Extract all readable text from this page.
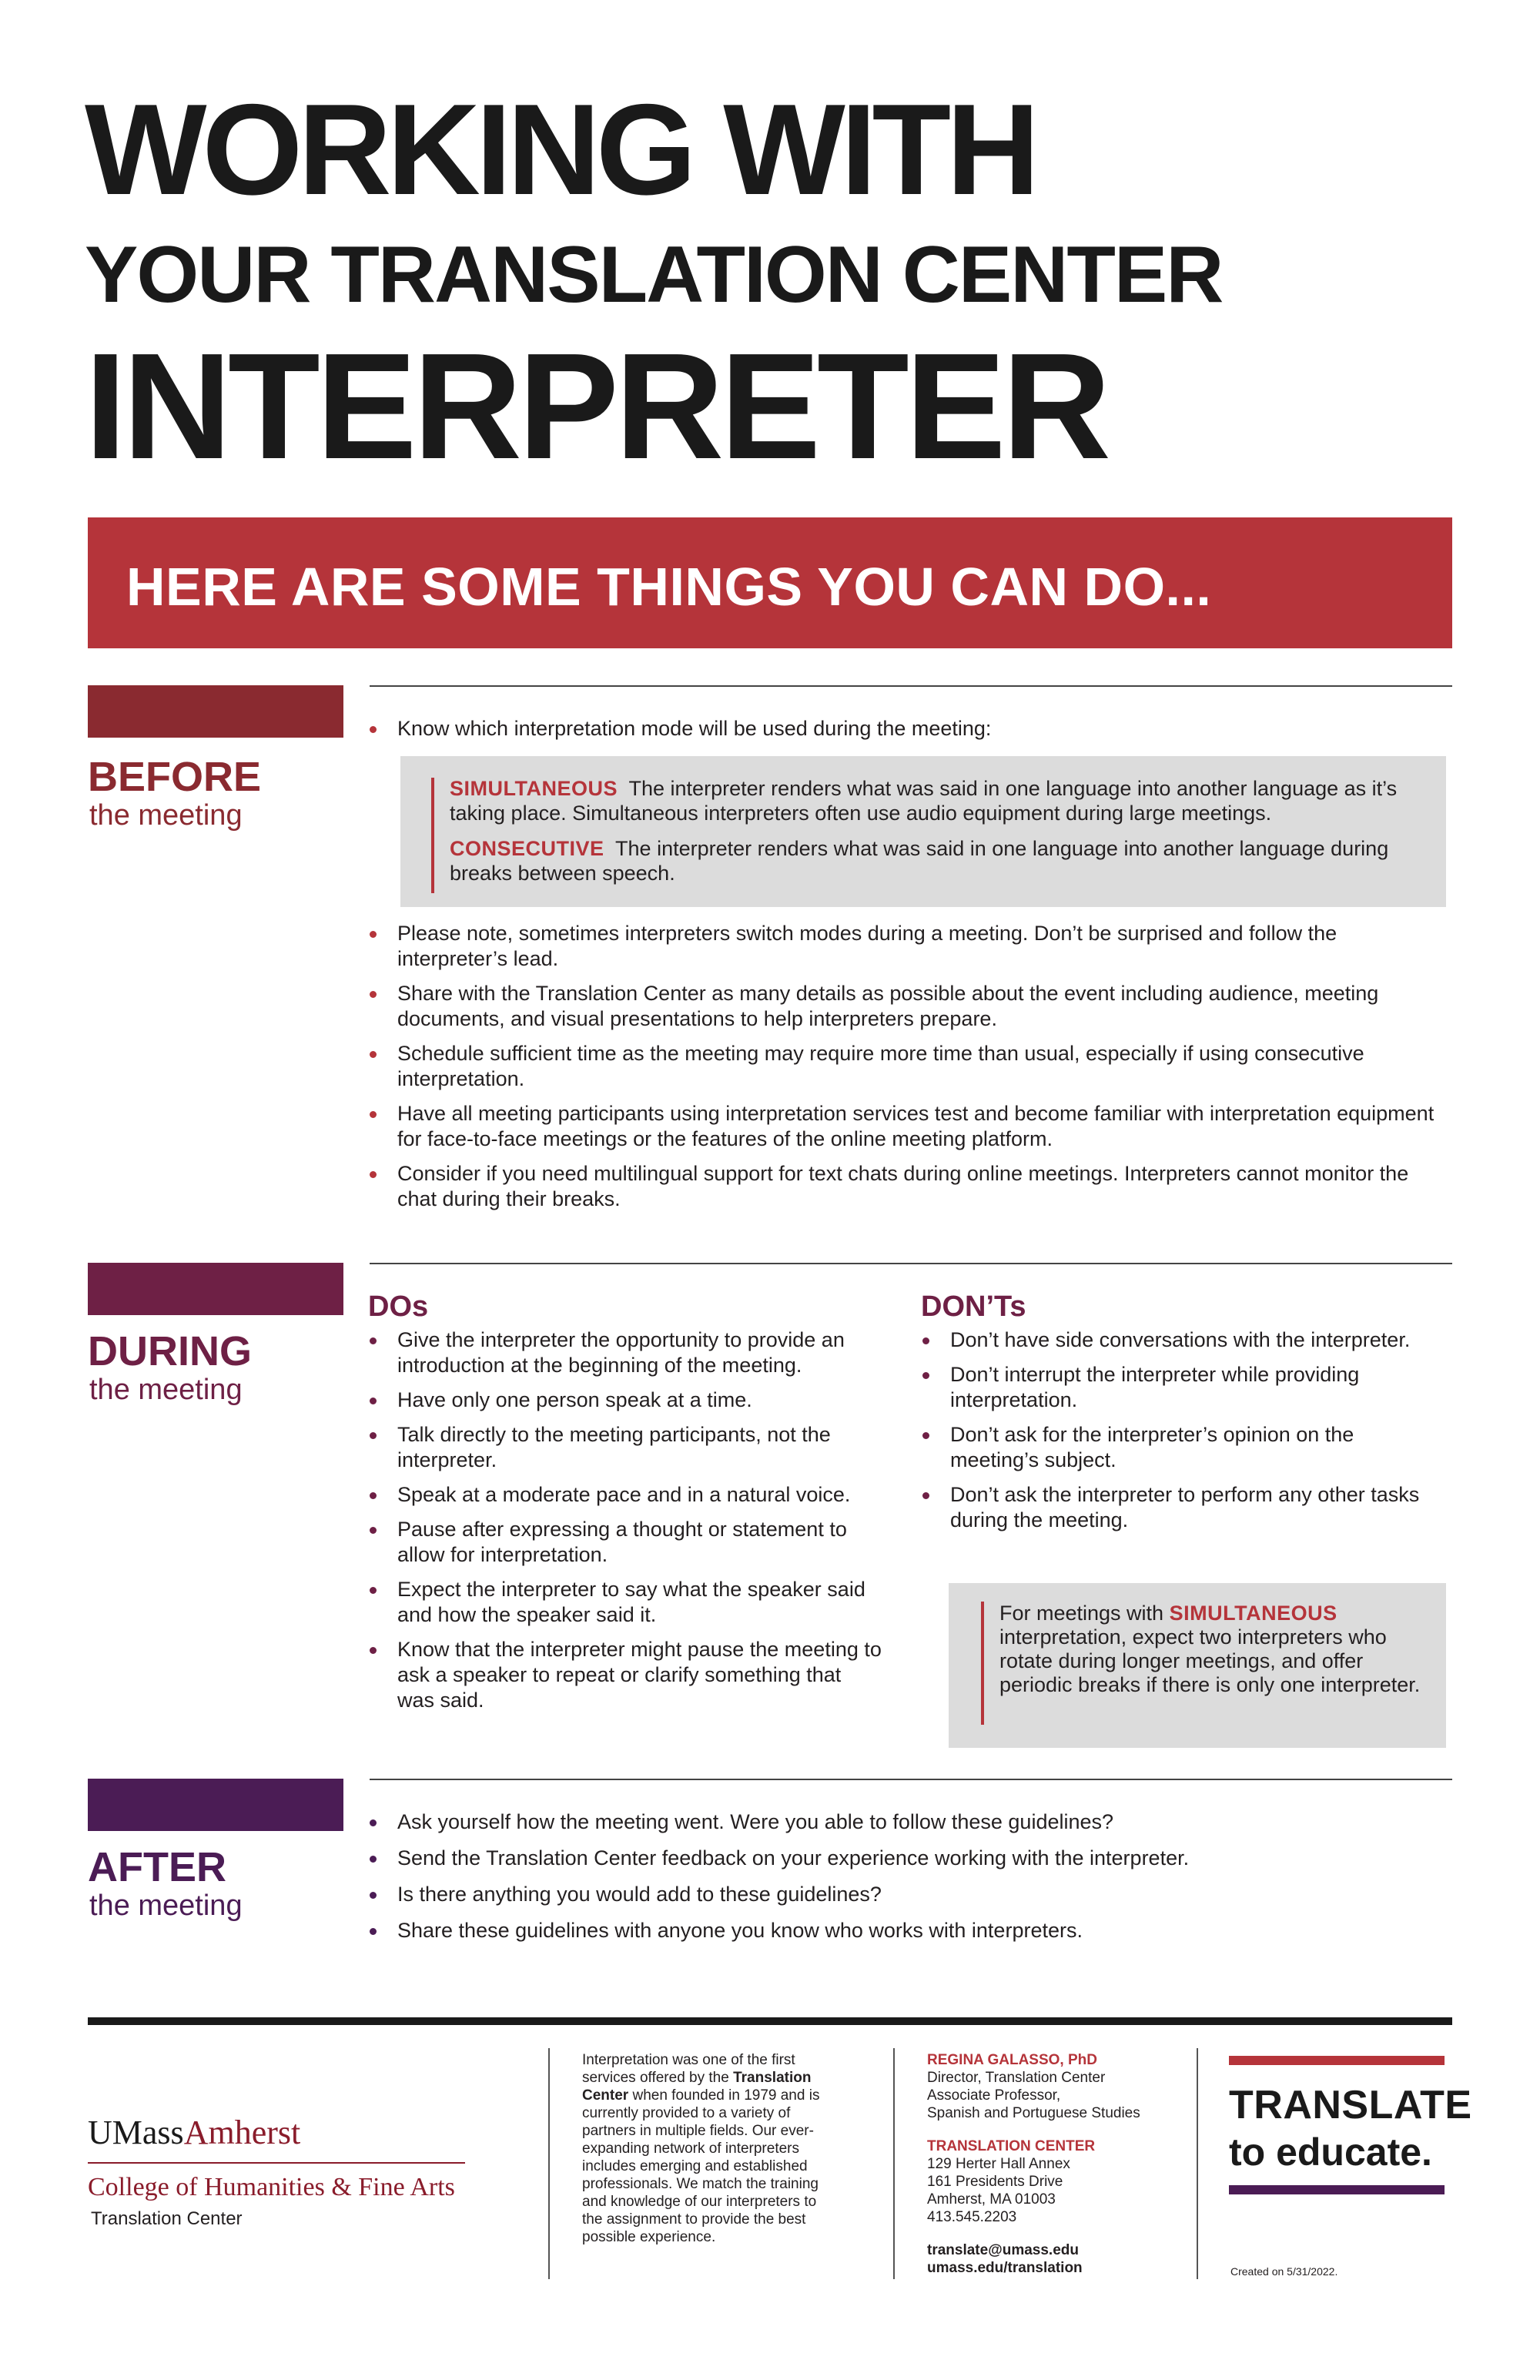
WORKING WITH
YOUR TRANSLATION CENTER
INTERPRETER
HERE ARE SOME THINGS YOU CAN DO...
BEFORE
the meeting
Know which interpretation mode will be used during the meeting:
SIMULTANEOUS The interpreter renders what was said in one language into another language as it’s taking place. Simultaneous interpreters often use audio equipment during large meetings.
CONSECUTIVE The interpreter renders what was said in one language into another language during breaks between speech.
Please note, sometimes interpreters switch modes during a meeting. Don’t be surprised and follow the interpreter’s lead.
Share with the Translation Center as many details as possible about the event including audience, meeting documents, and visual presentations to help interpreters prepare.
Schedule sufficient time as the meeting may require more time than usual, especially if using consecutive interpretation.
Have all meeting participants using interpretation services test and become familiar with interpretation equipment for face-to-face meetings or the features of the online meeting platform.
Consider if you need multilingual support for text chats during online meetings. Interpreters cannot monitor the chat during their breaks.
DURING
the meeting
DOs
Give the interpreter the opportunity to provide an introduction at the beginning of the meeting.
Have only one person speak at a time.
Talk directly to the meeting participants, not the interpreter.
Speak at a moderate pace and in a natural voice.
Pause after expressing a thought or statement to allow for interpretation.
Expect the interpreter to say what the speaker said and how the speaker said it.
Know that the interpreter might pause the meeting to ask a speaker to repeat or clarify something that was said.
DON’Ts
Don’t have side conversations with the interpreter.
Don’t interrupt the interpreter while providing interpretation.
Don’t ask for the interpreter’s opinion on the meeting’s subject.
Don’t ask the interpreter to perform any other tasks during the meeting.
For meetings with SIMULTANEOUS interpretation, expect two interpreters who rotate during longer meetings, and offer periodic breaks if there is only one interpreter.
AFTER
the meeting
Ask yourself how the meeting went. Were you able to follow these guidelines?
Send the Translation Center feedback on your experience working with the interpreter.
Is there anything you would add to these guidelines?
Share these guidelines with anyone you know who works with interpreters.
UMassAmherst
College of Humanities & Fine Arts
Translation Center
Interpretation was one of the first services offered by the Translation Center when founded in 1979 and is currently provided to a variety of partners in multiple fields. Our ever-expanding network of interpreters includes emerging and established professionals. We match the training and knowledge of our interpreters to the assignment to provide the best possible experience.
REGINA GALASSO, PhD
Director, Translation Center
Associate Professor,
Spanish and Portuguese Studies
TRANSLATION CENTER
129 Herter Hall Annex
161 Presidents Drive
Amherst, MA 01003
413.545.2203
translate@umass.edu
umass.edu/translation
TRANSLATE
to educate.
Created on 5/31/2022.
